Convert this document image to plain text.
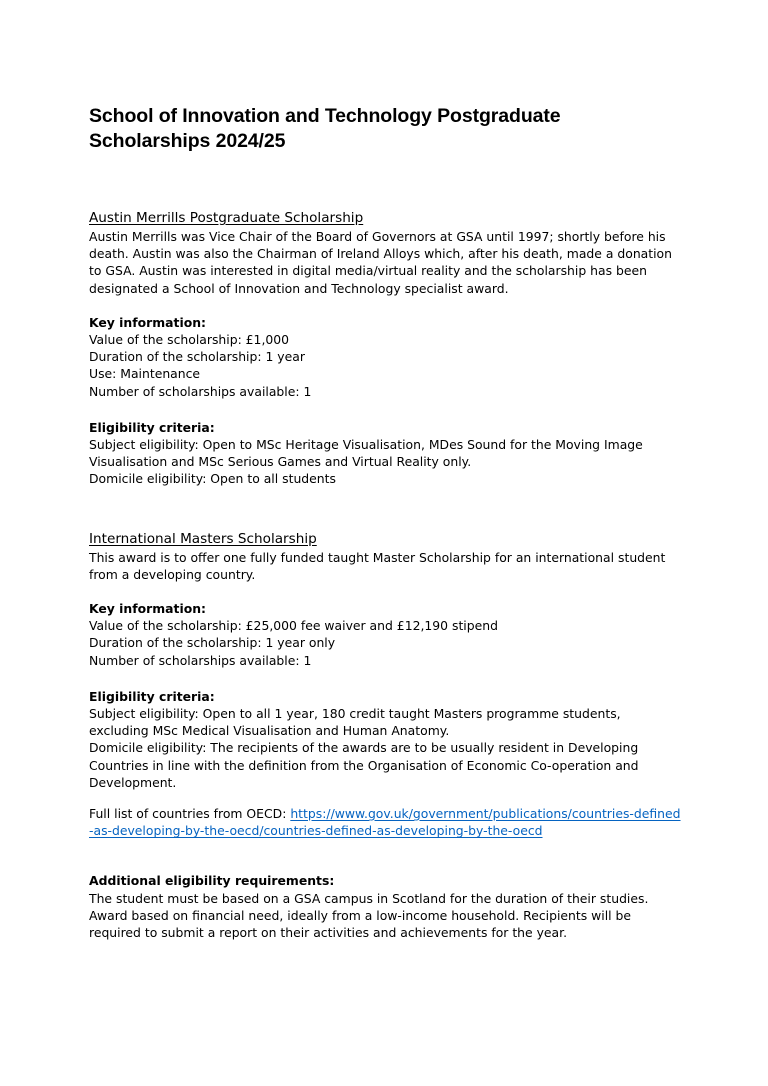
School of Innovation and Technology Postgraduate Scholarships 2024/25
Austin Merrills Postgraduate Scholarship

Austin Merrills was Vice Chair of the Board of Governors at GSA until 1997; shortly before his death. Austin was also the Chairman of Ireland Alloys which, after his death, made a donation to GSA. Austin was interested in digital media/virtual reality and the scholarship has been designated a School of Innovation and Technology specialist award.

Key information:

Value of the scholarship: £1,000

Duration of the scholarship: 1 year

Use: Maintenance

Number of scholarships available: 1

Eligibility criteria:

Subject eligibility: Open to MSc Heritage Visualisation, MDes Sound for the Moving Image Visualisation and MSc Serious Games and Virtual Reality only.

Domicile eligibility: Open to all students

International Masters Scholarship

This award is to offer one fully funded taught Master Scholarship for an international student from a developing country.

Key information:

Value of the scholarship: £25,000 fee waiver and £12,190 stipend

Duration of the scholarship: 1 year only

Number of scholarships available: 1

Eligibility criteria:

Subject eligibility: Open to all 1 year, 180 credit taught Masters programme students, excluding MSc Medical Visualisation and Human Anatomy.

Domicile eligibility: The recipients of the awards are to be usually resident in Developing Countries in line with the definition from the Organisation of Economic Co-operation and Development.

Full list of countries from OECD: https://www.gov.uk/government/publications/countries-defined-as-developing-by-the-oecd/countries-defined-as-developing-by-the-oecd

Additional eligibility requirements:

The student must be based on a GSA campus in Scotland for the duration of their studies. Award based on financial need, ideally from a low-income household. Recipients will be required to submit a report on their activities and achievements for the year.
